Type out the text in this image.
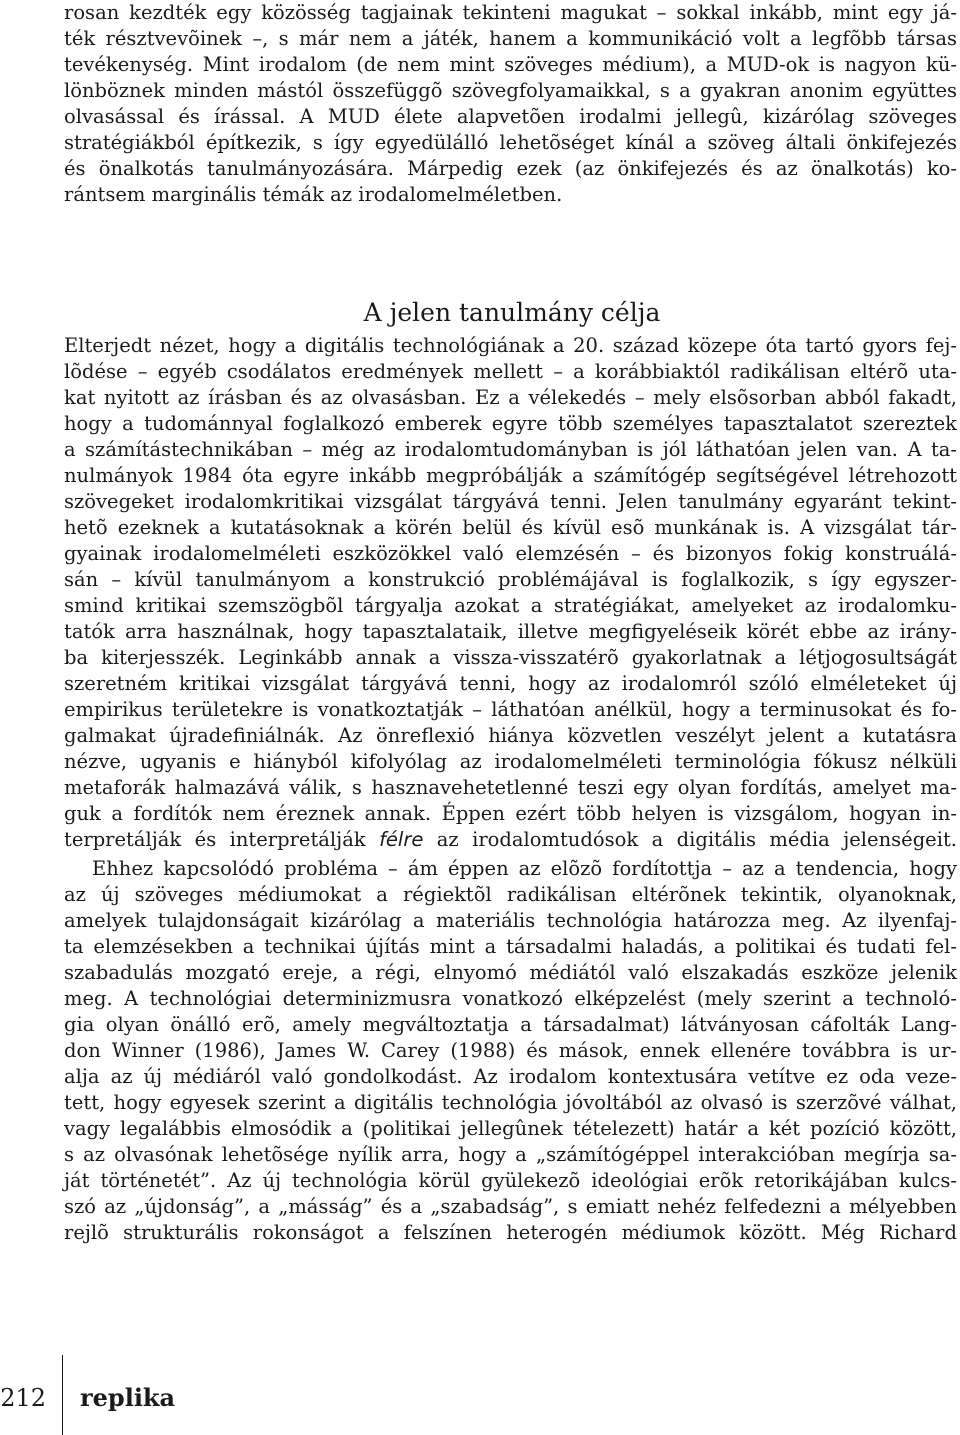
rosan kezdték egy közösség tagjainak tekinteni magukat – sokkal inkább, mint egy já-
ték résztvevõinek –, s már nem a játék, hanem a kommunikáció volt a legfõbb társas
tevékenység. Mint irodalom (de nem mint szöveges médium), a MUD-ok is nagyon kü-
lönböznek minden mástól összefüggõ szövegfolyamaikkal, s a gyakran anonim együttes
olvasással és írással. A MUD élete alapvetõen irodalmi jellegû, kizárólag szöveges
stratégiákból építkezik, s így egyedülálló lehetõséget kínál a szöveg általi önkifejezés
és önalkotás tanulmányozására. Márpedig ezek (az önkifejezés és az önalkotás) ko-
rántsem marginális témák az irodalomelméletben.
A jelen tanulmány célja
Elterjedt nézet, hogy a digitális technológiának a 20. század közepe óta tartó gyors fej-
lõdése – egyéb csodálatos eredmények mellett – a korábbiaktól radikálisan eltérõ uta-
kat nyitott az írásban és az olvasásban. Ez a vélekedés – mely elsõsorban abból fakadt,
hogy a tudománnyal foglalkozó emberek egyre több személyes tapasztalatot szereztek
a számítástechnikában – még az irodalomtudományban is jól láthatóan jelen van. A ta-
nulmányok 1984 óta egyre inkább megpróbálják a számítógép segítségével létrehozott
szövegeket irodalomkritikai vizsgálat tárgyává tenni. Jelen tanulmány egyaránt tekint-
hetõ ezeknek a kutatásoknak a körén belül és kívül esõ munkának is. A vizsgálat tár-
gyainak irodalomelméleti eszközökkel való elemzésén – és bizonyos fokig konstruálá-
sán – kívül tanulmányom a konstrukció problémájával is foglalkozik, s így egyszer-
smind kritikai szemszögbõl tárgyalja azokat a stratégiákat, amelyeket az irodalomku-
tatók arra használnak, hogy tapasztalataik, illetve megfigyeléseik körét ebbe az irány-
ba kiterjesszék. Leginkább annak a vissza-visszatérõ gyakorlatnak a létjogosultságát
szeretném kritikai vizsgálat tárgyává tenni, hogy az irodalomról szóló elméleteket új
empirikus területekre is vonatkoztatják – láthatóan anélkül, hogy a terminusokat és fo-
galmakat újradefiniálnák. Az önreflexió hiánya közvetlen veszélyt jelent a kutatásra
nézve, ugyanis e hiányból kifolyólag az irodalomelméleti terminológia fókusz nélküli
metaforák halmazává válik, s hasznavehetetlenné teszi egy olyan fordítás, amelyet ma-
guk a fordítók nem éreznek annak. Éppen ezért több helyen is vizsgálom, hogyan in-
terpretálják és interpretálják félre az irodalomtudósok a digitális média jelenségeit.
Ehhez kapcsolódó probléma – ám éppen az elõzõ fordítottja – az a tendencia, hogy
az új szöveges médiumokat a régiektõl radikálisan eltérõnek tekintik, olyanoknak,
amelyek tulajdonságait kizárólag a materiális technológia határozza meg. Az ilyenfaj-
ta elemzésekben a technikai újítás mint a társadalmi haladás, a politikai és tudati fel-
szabadulás mozgató ereje, a régi, elnyomó médiától való elszakadás eszköze jelenik
meg. A technológiai determinizmusra vonatkozó elképzelést (mely szerint a technoló-
gia olyan önálló erõ, amely megváltoztatja a társadalmat) látványosan cáfolták Lang-
don Winner (1986), James W. Carey (1988) és mások, ennek ellenére továbbra is ur-
alja az új médiáról való gondolkodást. Az irodalom kontextusára vetítve ez oda veze-
tett, hogy egyesek szerint a digitális technológia jóvoltából az olvasó is szerzõvé válhat,
vagy legalábbis elmosódik a (politikai jellegûnek tételezett) határ a két pozíció között,
s az olvasónak lehetõsége nyílik arra, hogy a „számítógéppel interakcióban megírja sa-
ját történetét”. Az új technológia körül gyülekezõ ideológiai erõk retorikájában kulcs-
szó az „újdonság”, a „másság” és a „szabadság”, s emiatt nehéz felfedezni a mélyebben
rejlõ strukturális rokonságot a felszínen heterogén médiumok között. Még Richard
212 replika
